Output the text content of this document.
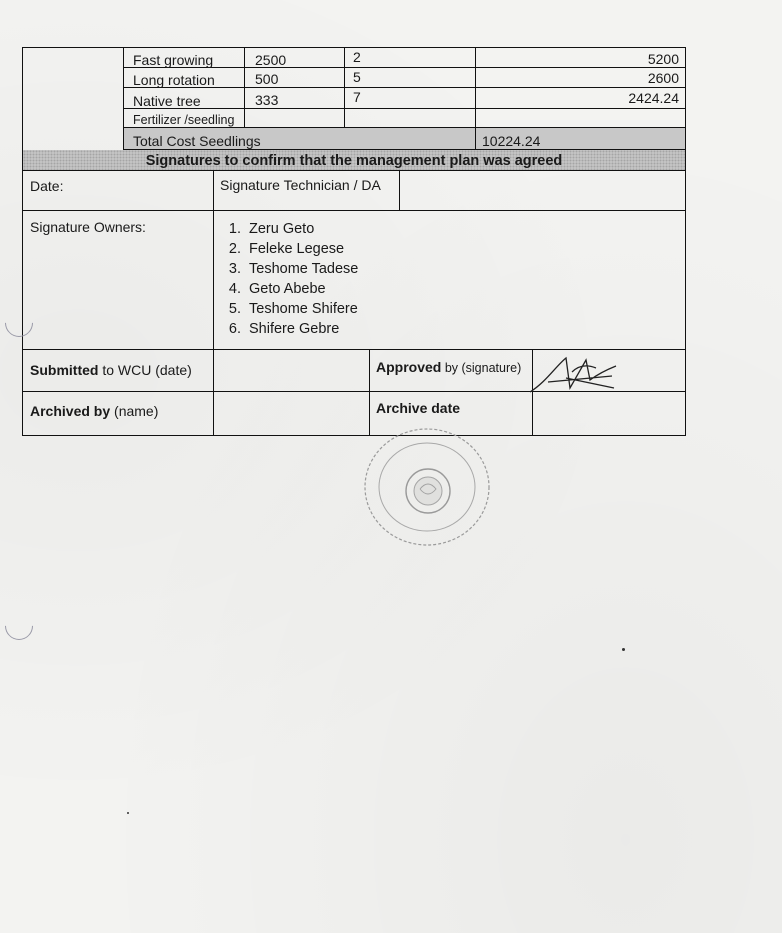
Fast growing	2500	2	5200
Long rotation	500	5	2600
Native tree	333	7	2424.24
Fertilizer /seedling
Total Cost Seedlings	10224.24
Signatures to confirm that the management plan was agreed
Date:	Signature Technician / DA
Signature Owners:	1. Zeru Geto
2. Feleke Legese
3. Teshome Tadese
4. Geto Abebe
5. Teshome Shifere
6. Shifere Gebre
Submitted to WCU (date)	Approved by (signature)
Archived by (name)	Archive date
